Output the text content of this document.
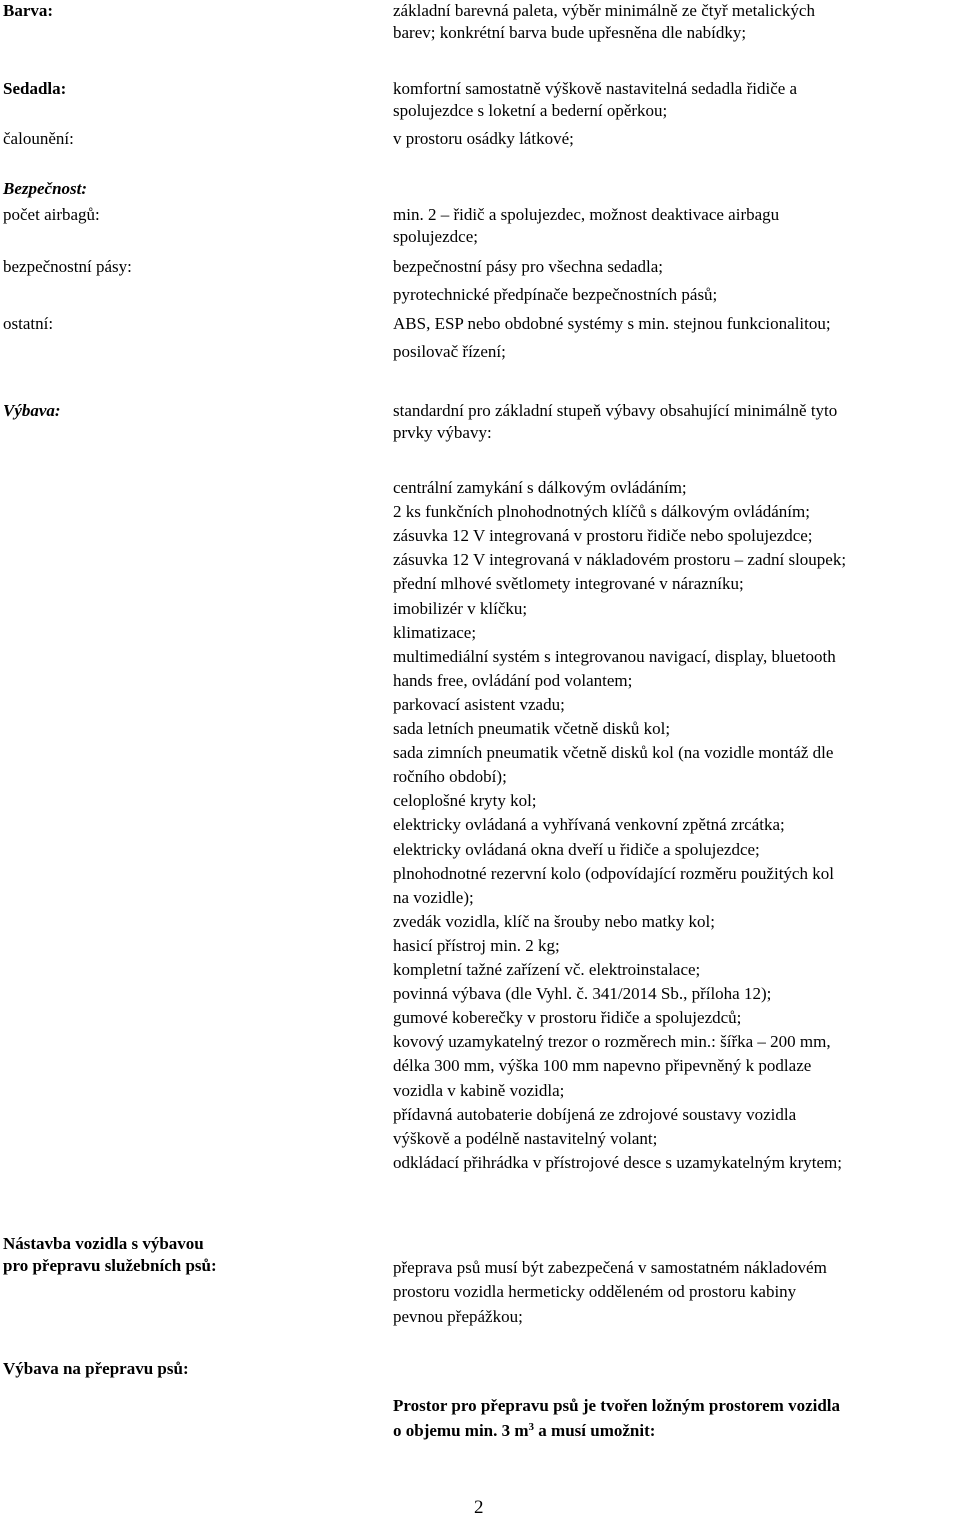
Barva:	základní barevná paleta, výběr minimálně ze čtyř metalických
barev; konkrétní barva bude upřesněna dle nabídky;
Sedadla:	komfortní samostatně výškově nastavitelná sedadla řidiče a
spolujezdce s loketní a bederní opěrkou;
čalounění:	v prostoru osádky látkové;
Bezpečnost:
počet airbagů:	min. 2 – řidič a spolujezdec, možnost deaktivace airbagu
spolujezdce;
bezpečnostní pásy:	bezpečnostní pásy pro všechna sedadla;
pyrotechnické předpínače bezpečnostních pásů;
ostatní:	ABS, ESP nebo obdobné systémy s min. stejnou funkcionalitou;
posilovač řízení;
Výbava:	standardní pro základní stupeň výbavy obsahující minimálně tyto
prvky výbavy:
centrální zamykání s dálkovým ovládáním;
2 ks funkčních plnohodnotných klíčů s dálkovým ovládáním;
zásuvka 12 V integrovaná v prostoru řidiče nebo spolujezdce;
zásuvka 12 V integrovaná v nákladovém prostoru – zadní sloupek;
přední mlhové světlomety integrované v nárazníku;
imobilizér v klíčku;
klimatizace;
multimediální systém s integrovanou navigací, display, bluetooth
hands free, ovládání pod volantem;
parkovací asistent vzadu;
sada letních pneumatik včetně disků kol;
sada zimních pneumatik včetně disků kol (na vozidle montáž dle
ročního období);
celoplošné kryty kol;
elektricky ovládaná a vyhřívaná venkovní zpětná zrcátka;
elektricky ovládaná okna dveří u řidiče a spolujezdce;
plnohodnotné rezervní kolo (odpovídající rozměru použitých kol
na vozidle);
zvedák vozidla, klíč na šrouby nebo matky kol;
hasicí přístroj min. 2 kg;
kompletní tažné zařízení vč. elektroinstalace;
povinná výbava (dle Vyhl. č. 341/2014 Sb., příloha 12);
gumové koberečky v prostoru řidiče a spolujezdců;
kovový uzamykatelný trezor o rozměrech min.: šířka – 200 mm,
délka 300 mm, výška 100 mm napevno připevněný k podlaze
vozidla v kabině vozidla;
přídavná autobaterie dobíjená ze zdrojové soustavy vozidla
výškově a podélně nastavitelný volant;
odkládací přihrádka v přístrojové desce s uzamykatelným krytem;
Nástavba vozidla s výbavou
pro přepravu služebních psů:	přeprava psů musí být zabezpečená v samostatném nákladovém
prostoru vozidla hermeticky odděleném od prostoru kabiny
pevnou přepážkou;
Výbava na přepravu psů:
Prostor pro přepravu psů je tvořen ložným prostorem vozidla
o objemu min. 3 $m^3$ a musí umožnit:
2
